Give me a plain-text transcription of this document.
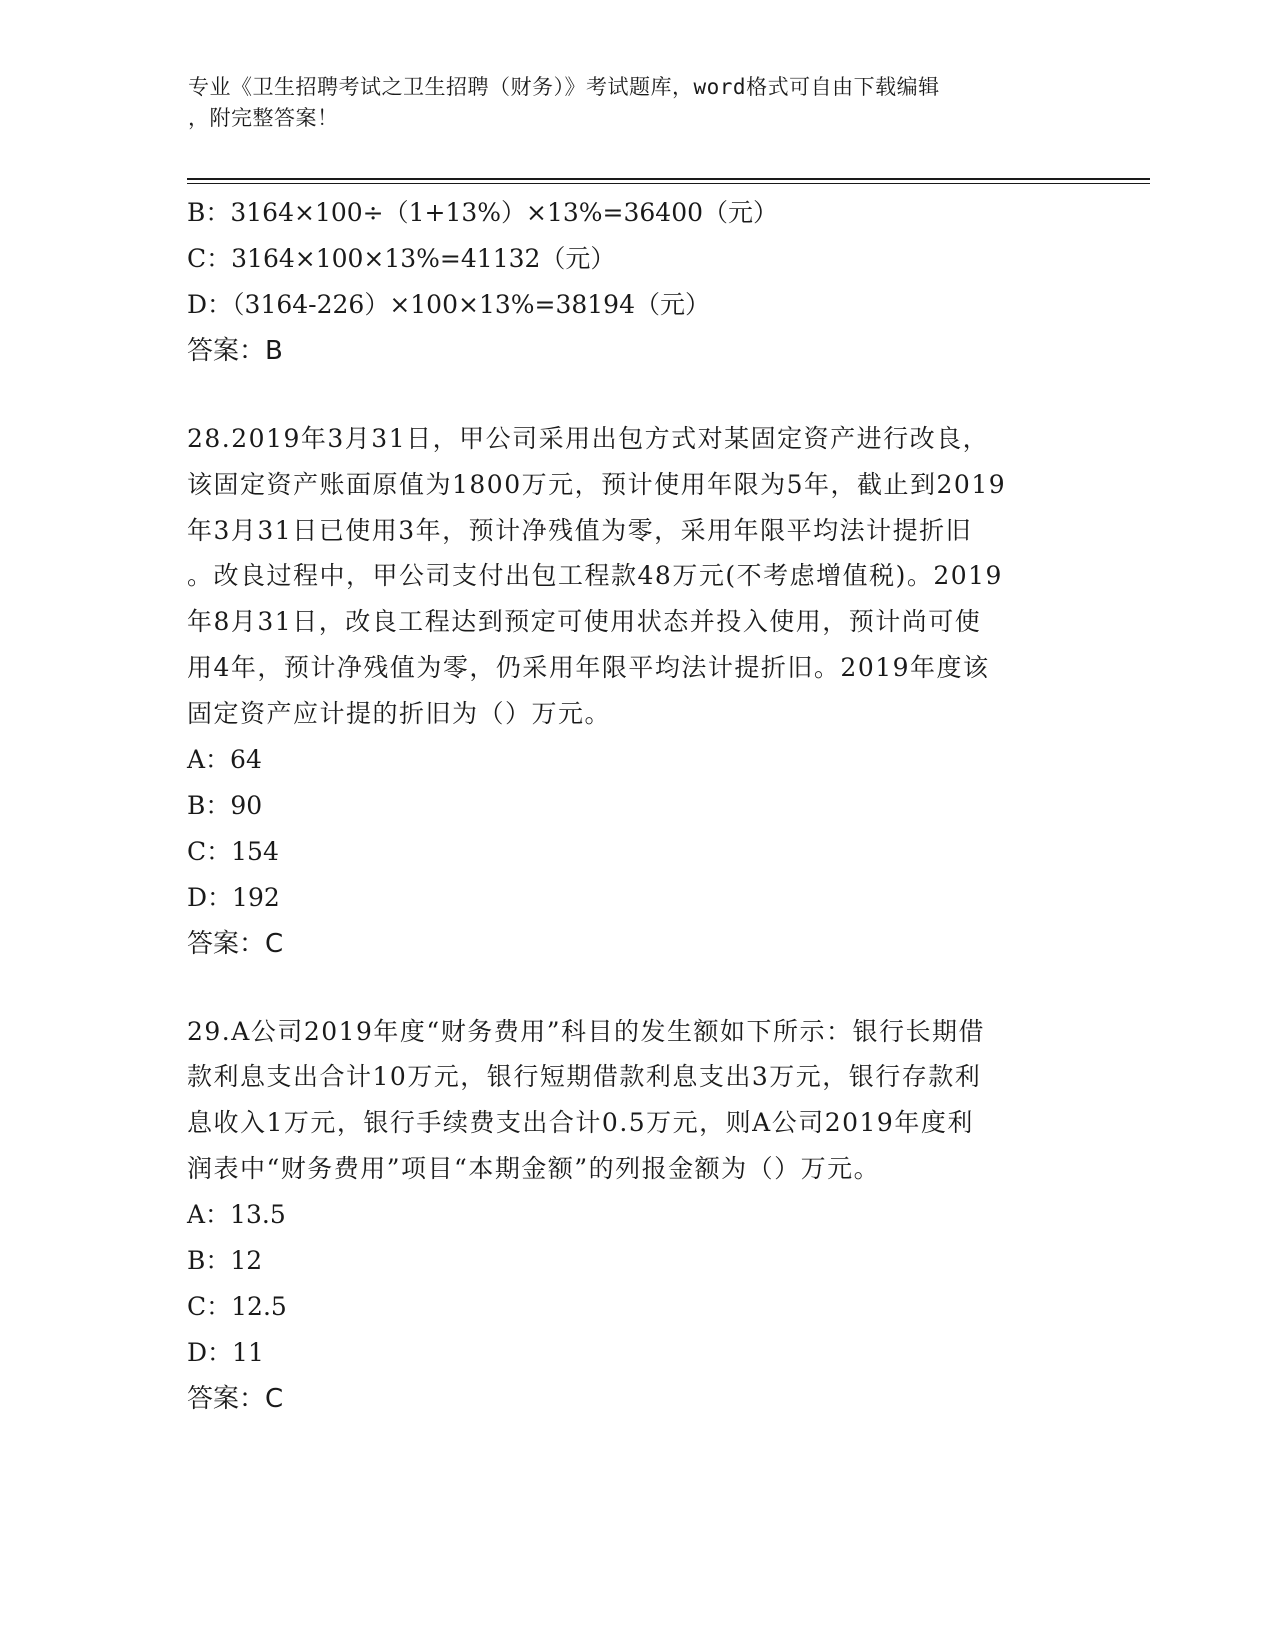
专业《卫生招聘考试之卫生招聘（财务）》考试题库，word格式可自由下载编辑
，附完整答案！
B：3164×100÷（1+13%）×13%=36400（元）
C：3164×100×13%=41132（元）
D：（3164-226）×100×13%=38194（元）
答案：B
28.2019年3月31日，甲公司采用出包方式对某固定资产进行改良，
该固定资产账面原值为1800万元，预计使用年限为5年，截止到2019
年3月31日已使用3年，预计净残值为零，采用年限平均法计提折旧
。改良过程中，甲公司支付出包工程款48万元(不考虑增值税)。2019
年8月31日，改良工程达到预定可使用状态并投入使用，预计尚可使
用4年，预计净残值为零，仍采用年限平均法计提折旧。2019年度该
固定资产应计提的折旧为（）万元。
A：64
B：90
C：154
D：192
答案：C
29.A公司2019年度“财务费用”科目的发生额如下所示：银行长期借
款利息支出合计10万元，银行短期借款利息支出3万元，银行存款利
息收入1万元，银行手续费支出合计0.5万元，则A公司2019年度利
润表中“财务费用”项目“本期金额”的列报金额为（）万元。
A：13.5
B：12
C：12.5
D：11
答案：C
